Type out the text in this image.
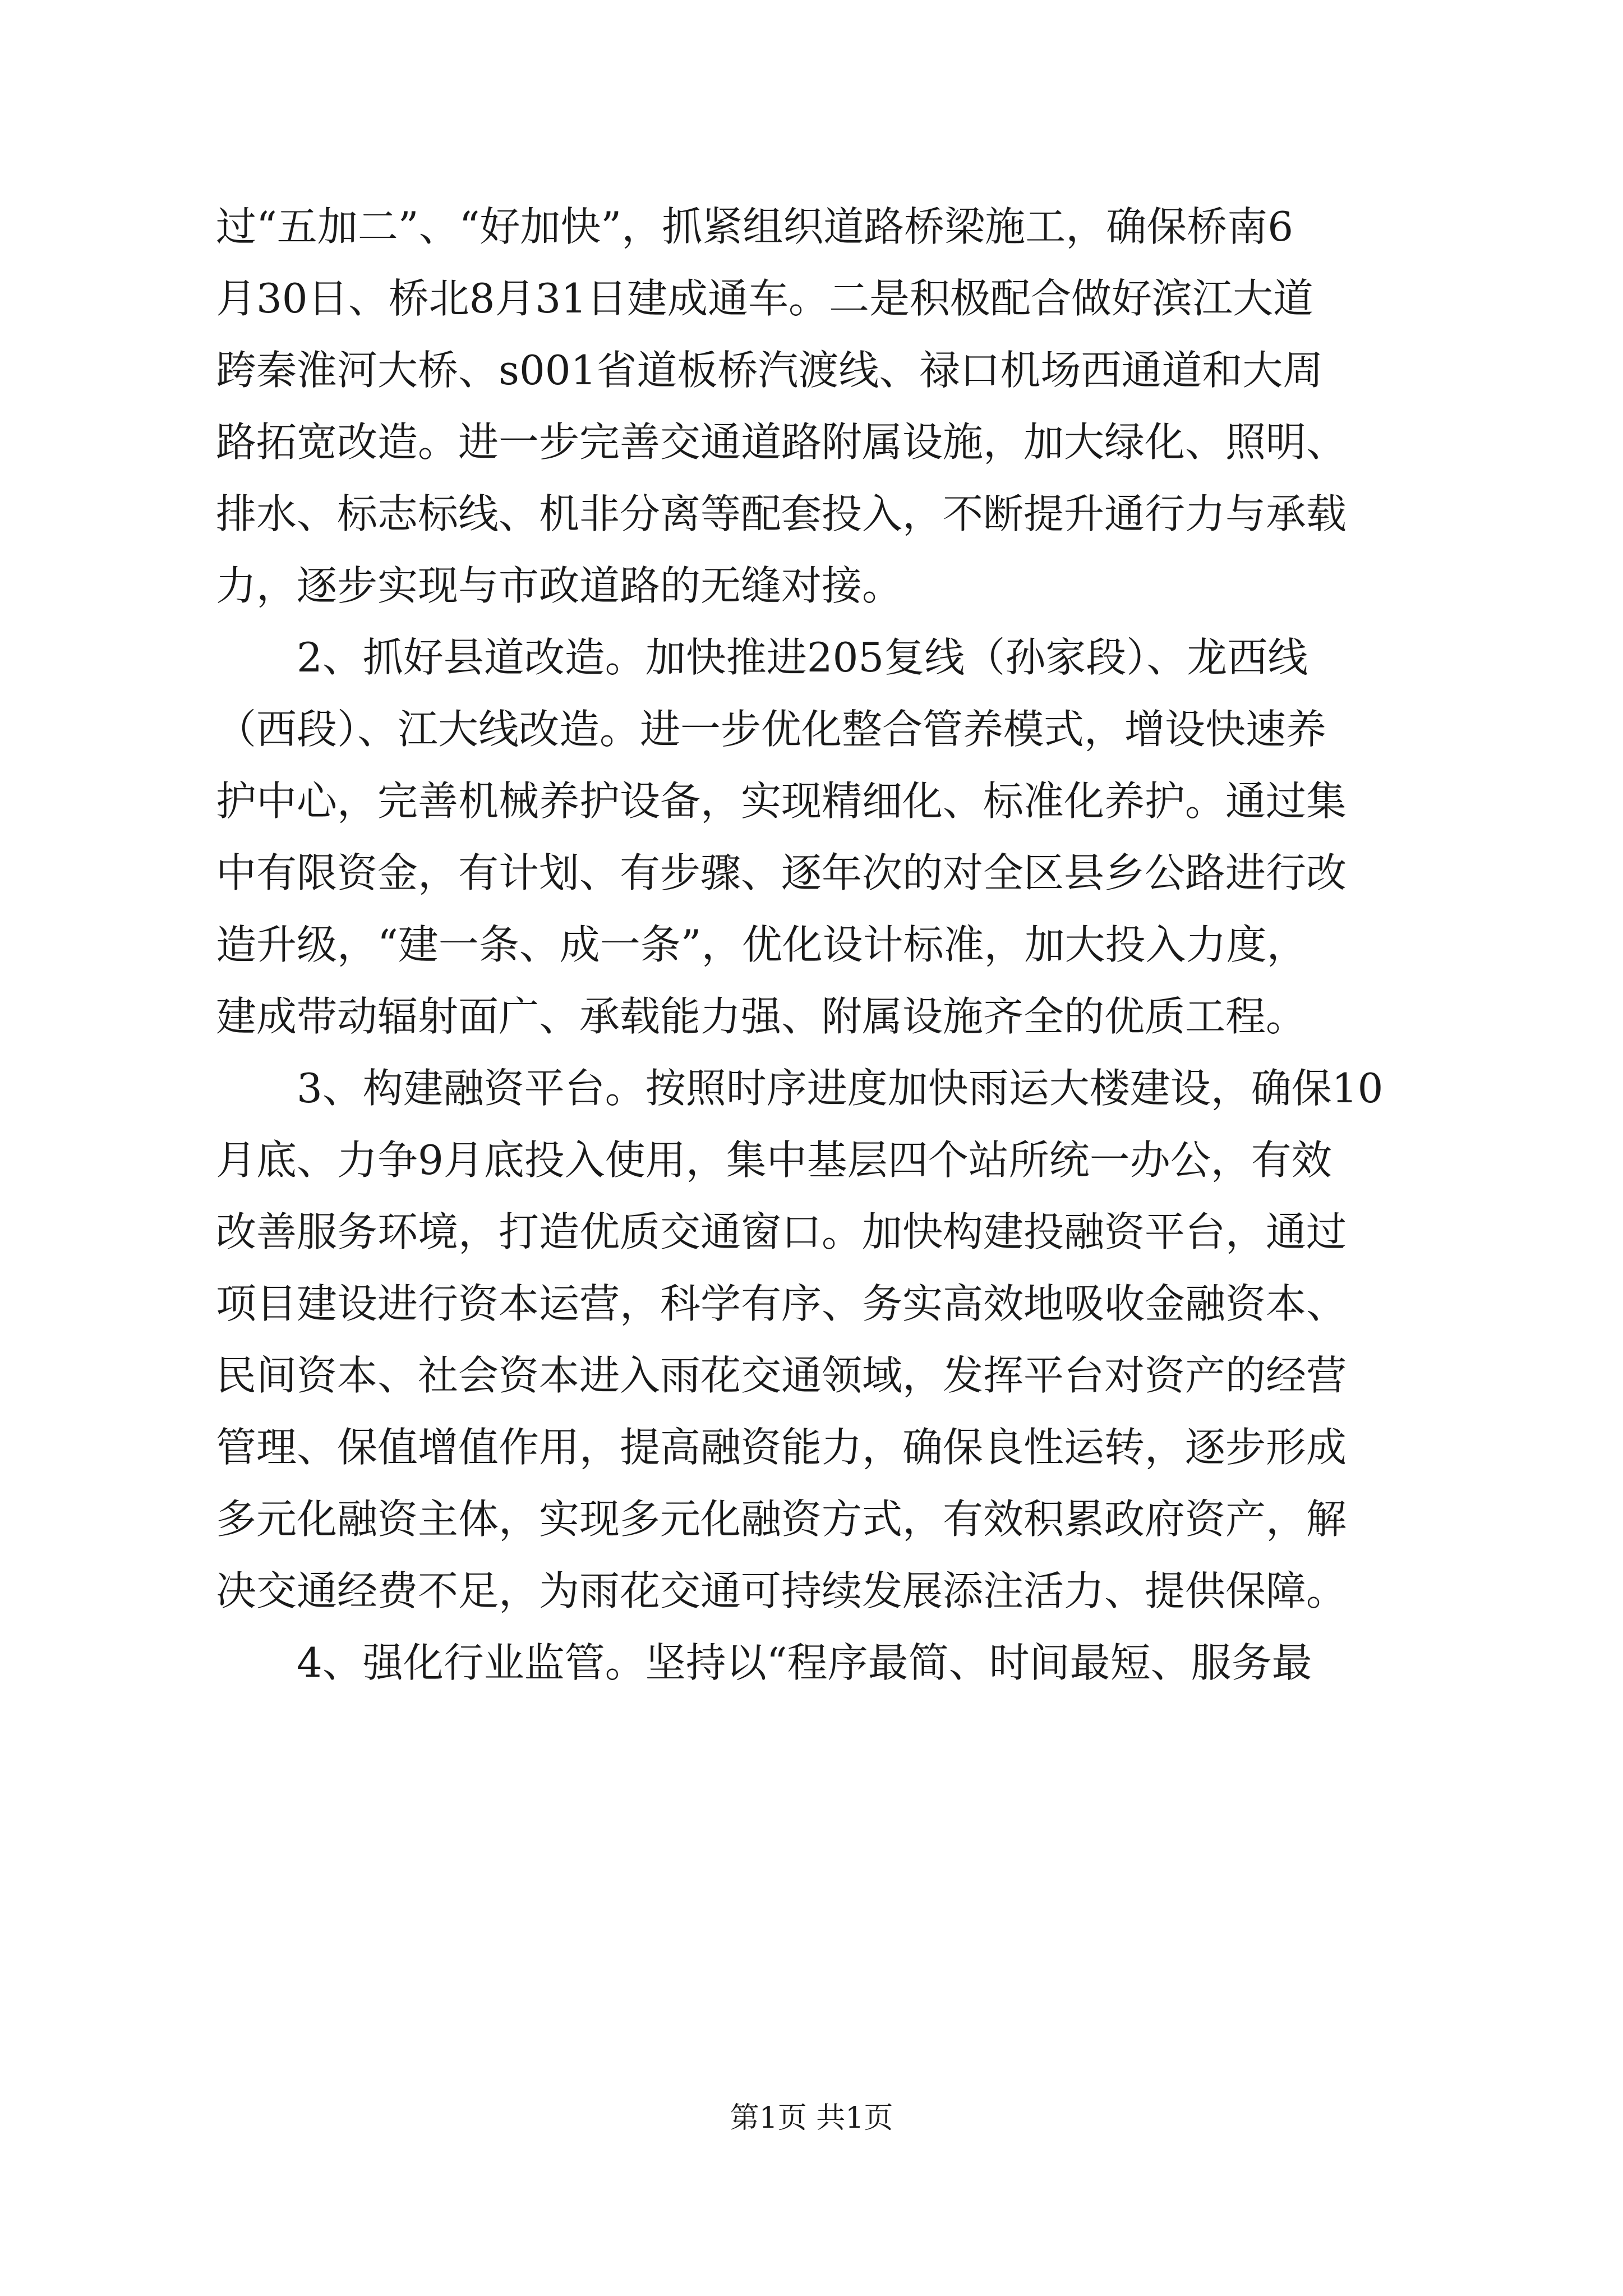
过“五加二”、“好加快”，抓紧组织道路桥梁施工，确保桥南6
月30日、桥北8月31日建成通车。二是积极配合做好滨江大道
跨秦淮河大桥、s001省道板桥汽渡线、禄口机场西通道和大周
路拓宽改造。进一步完善交通道路附属设施，加大绿化、照明、
排水、标志标线、机非分离等配套投入，不断提升通行力与承载
力，逐步实现与市政道路的无缝对接。
2、抓好县道改造。加快推进205复线（孙家段）、龙西线
（西段）、江大线改造。进一步优化整合管养模式，增设快速养
护中心，完善机械养护设备，实现精细化、标准化养护。通过集
中有限资金，有计划、有步骤、逐年次的对全区县乡公路进行改
造升级，“建一条、成一条”，优化设计标准，加大投入力度，
建成带动辐射面广、承载能力强、附属设施齐全的优质工程。
3、构建融资平台。按照时序进度加快雨运大楼建设，确保10
月底、力争9月底投入使用，集中基层四个站所统一办公，有效
改善服务环境，打造优质交通窗口。加快构建投融资平台，通过
项目建设进行资本运营，科学有序、务实高效地吸收金融资本、
民间资本、社会资本进入雨花交通领域，发挥平台对资产的经营
管理、保值增值作用，提高融资能力，确保良性运转，逐步形成
多元化融资主体，实现多元化融资方式，有效积累政府资产，解
决交通经费不足，为雨花交通可持续发展添注活力、提供保障。
4、强化行业监管。坚持以“程序最简、时间最短、服务最
第1页 共1页
